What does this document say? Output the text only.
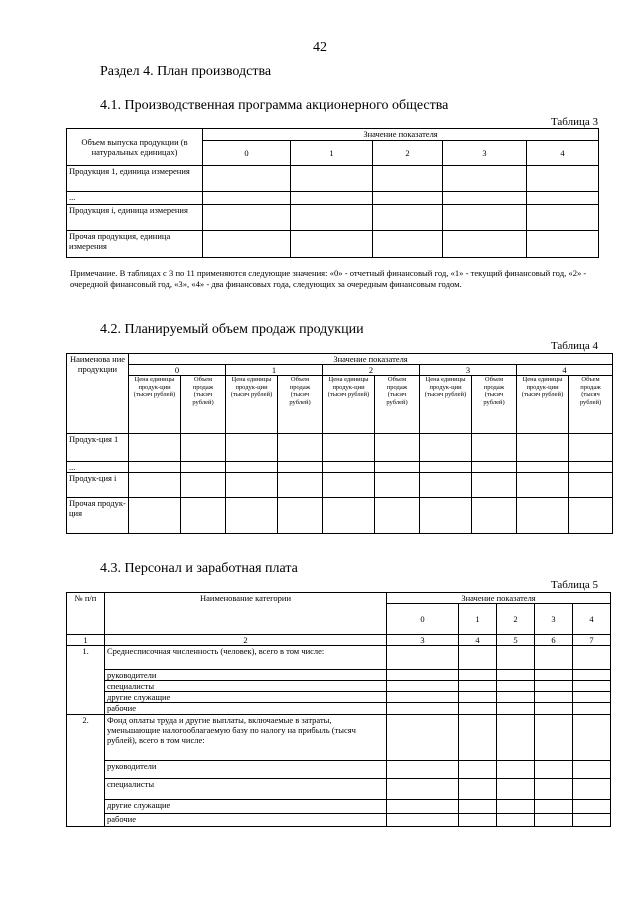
42
Раздел 4. План производства
4.1. Производственная программа акционерного общества
Таблица 3
Объем выпуска продукции (в натуральных единицах)	Значение показателя				
	0	1	2	3	4
Продукция 1, единица измерения					
...					
Продукция i, единица измерения					
Прочая продукция, единица измерения					
Примечание. В таблицах с 3 по 11 применяются следующие значения: «0» - отчетный финансовый год, «1» - текущий финансовый год, «2» - очередной финансовый год, «3», «4» - два финансовых года, следующих за очередным финансовым годом.
4.2. Планируемый объем продаж продукции
Таблица 4
Наименова ние продукции	Значение показателя									
	0		1		2		3		4	
	Цена единицы продук-ции (тысяч рублей)	Объем продаж (тысяч рублей)	Цена единицы продук-ции (тысяч рублей)	Объем продаж (тысяч рублей)	Цена единицы продук-ции (тысяч рублей)	Объем продаж (тысяч рублей)	Цена единицы продук-ции (тысяч рублей)	Объем продаж (тысяч рублей)	Цена единицы продук-ции (тысяч рублей)	Объем продаж (тысяч рублей)
Продук-ция 1										
...										
Продук-ция i										
Прочая продук-ция										
4.3. Персонал и заработная плата
Таблица 5
№ п/п	Наименование категории	Значение показателя				
		0	1	2	3	4
1	2	3	4	5	6	7
1.	Среднесписочная численность (человек), всего в том числе:					
	руководители					
	специалисты					
	другие служащие					
	рабочие					
2.	Фонд оплаты труда и другие выплаты, включаемые в затраты, уменьшающие налогооблагаемую базу по налогу на прибыль (тысяч рублей), всего в том числе:					
	руководители					
	специалисты					
	другие служащие					
	рабочие					
